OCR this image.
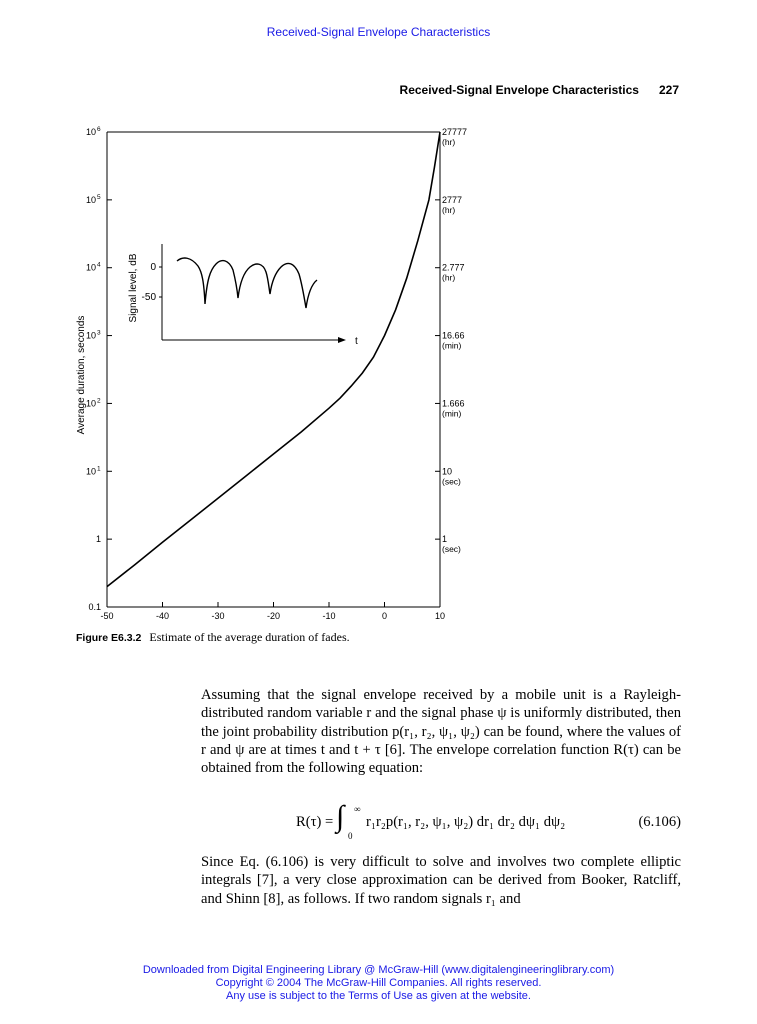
Received-Signal Envelope Characteristics
Received-Signal Envelope Characteristics 227
10 6
10 5
10 4
10 3
10 2
10 1
1
0.1
27777
(hr)
2777
(hr)
2.777
(hr)
16.66
(min)
1.666
(min)
10
(sec)
1
(sec)
-50	-40	-30	-20	-10	0	10
Average duration, seconds
0
-50
t
Signal level, dB
Figure E6.3.2 Estimate of the average duration of fades.
Assuming that the signal envelope received by a mobile unit is a Rayleigh-distributed random variable r and the signal phase ψ is uniformly distributed, then the joint probability distribution p(r₁, r₂, ψ₁, ψ₂) can be found, where the values of r and ψ are at times t and t + τ [6]. The envelope correlation function R(τ) can be obtained from the following equation:
R(τ) = ∫ ∞
0
r₁r₂p(r₁, r₂, ψ₁, ψ₂) dr₁ dr₂ dψ₁ dψ₂	(6.106)
Since Eq. (6.106) is very difficult to solve and involves two complete elliptic integrals [7], a very close approximation can be derived from Booker, Ratcliff, and Shinn [8], as follows. If two random signals r₁ and
Downloaded from Digital Engineering Library @ McGraw-Hill (www.digitalengineeringlibrary.com)
Copyright © 2004 The McGraw-Hill Companies. All rights reserved.
Any use is subject to the Terms of Use as given at the website.
